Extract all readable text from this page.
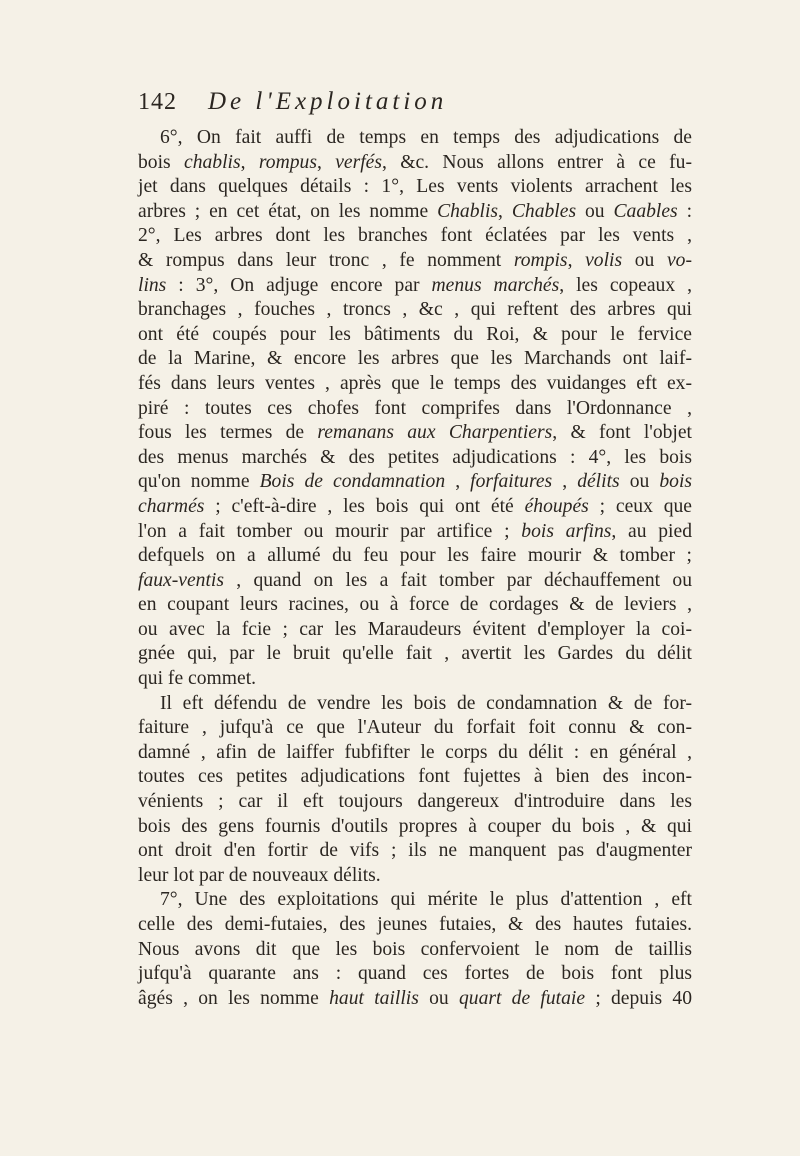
142	De l'Exploitation
6°, On fait auffi de temps en temps des adjudications de
bois chablis, rompus, verfés, &c. Nous allons entrer à ce fu-
jet dans quelques détails : 1°, Les vents violents arrachent les
arbres ; en cet état, on les nomme Chablis, Chables ou Caables :
2°, Les arbres dont les branches font éclatées par les vents ,
& rompus dans leur tronc , fe nomment rompis, volis ou vo-
lins : 3°, On adjuge encore par menus marchés, les copeaux ,
branchages , fouches , troncs , &c , qui reftent des arbres qui
ont été coupés pour les bâtiments du Roi, & pour le fervice
de la Marine, & encore les arbres que les Marchands ont laif-
fés dans leurs ventes , après que le temps des vuidanges eft ex-
piré : toutes ces chofes font comprifes dans l'Ordonnance ,
fous les termes de remanans aux Charpentiers, & font l'objet
des menus marchés & des petites adjudications : 4°, les bois
qu'on nomme Bois de condamnation , forfaitures , délits ou bois
charmés ; c'eft-à-dire , les bois qui ont été éhoupés ; ceux que
l'on a fait tomber ou mourir par artifice ; bois arfins, au pied
defquels on a allumé du feu pour les faire mourir & tomber ;
faux-ventis , quand on les a fait tomber par déchauffement ou
en coupant leurs racines, ou à force de cordages & de leviers ,
ou avec la fcie ; car les Maraudeurs évitent d'employer la coi-
gnée qui, par le bruit qu'elle fait , avertit les Gardes du délit
qui fe commet.
Il eft défendu de vendre les bois de condamnation & de for-
faiture , jufqu'à ce que l'Auteur du forfait foit connu & con-
damné , afin de laiffer fubfifter le corps du délit : en général ,
toutes ces petites adjudications font fujettes à bien des incon-
vénients ; car il eft toujours dangereux d'introduire dans les
bois des gens fournis d'outils propres à couper du bois , & qui
ont droit d'en fortir de vifs ; ils ne manquent pas d'augmenter
leur lot par de nouveaux délits.
7°, Une des exploitations qui mérite le plus d'attention , eft
celle des demi-futaies, des jeunes futaies, & des hautes futaies.
Nous avons dit que les bois confervoient le nom de taillis
jufqu'à quarante ans : quand ces fortes de bois font plus
âgés , on les nomme haut taillis ou quart de futaie ; depuis 40
